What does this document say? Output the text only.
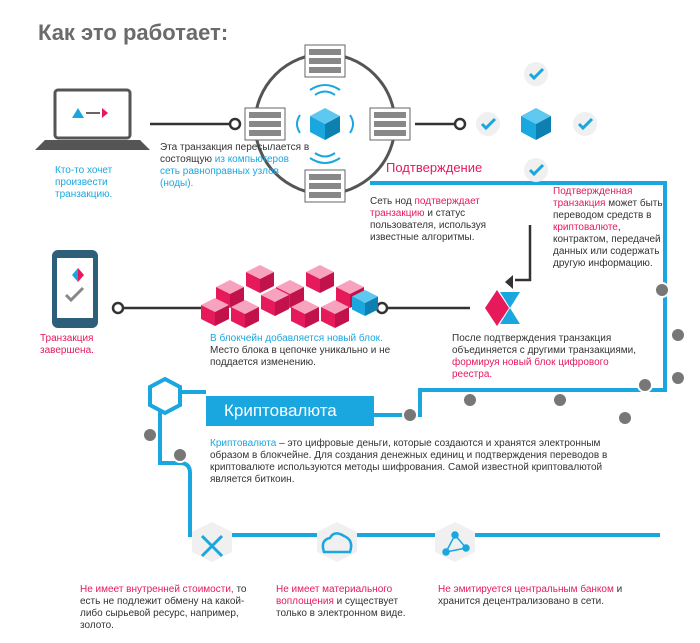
Как это работает:
Кто-то хочет произвести транзакцию.
Эта транзакция пересылается в состоящую из компьютеров сеть равноправных узлов (ноды).
Подтверждение
Сеть нод подтверждает транзакцию и статус пользователя, используя известные алгоритмы.
Подтвержденная транзакция может быть переводом средств в криптовалюте, контрактом, передачей данных или содержать другую информацию.
После подтверждения транзакция объединяется с другими транзакциями, формируя новый блок цифрового реестра.
В блокчейн добавляется новый блок. Место блока в цепочке уникально и не поддается изменению.
Транзакция завершена.
Криптовалюта
Криптовалюта – это цифровые деньги, которые создаются и хранятся электронным образом в блокчейне. Для создания денежных единиц и подтверждения переводов в криптовалюте используются методы шифрования. Самой известной криптовалютой является биткоин.
Не имеет внутренней стоимости, то есть не подлежит обмену на какой-либо сырьевой ресурс, например, золото.
Не имеет материального воплощения и существует только в электронном виде.
Не эмитируется центральным банком и хранится децентрализовано в сети.
